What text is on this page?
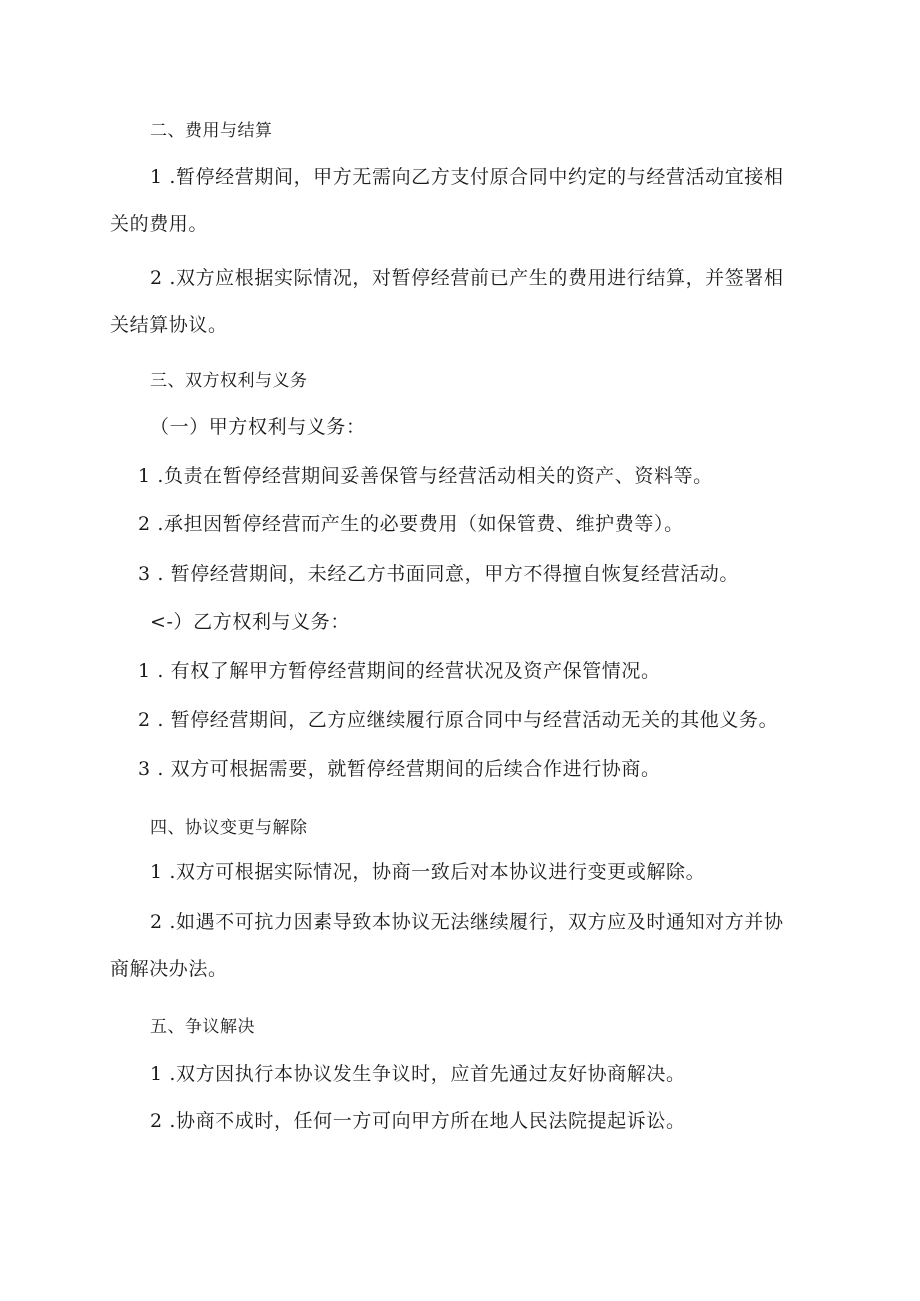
二、费用与结算

1 .暂停经营期间，甲方无需向乙方支付原合同中约定的与经营活动宜接相

关的费用。

2 .双方应根据实际情况，对暂停经营前已产生的费用进行结算，并签署相

关结算协议。

三、双方权利与义务

（一）甲方权利与义务：

1 .负责在暂停经营期间妥善保管与经营活动相关的资产、资料等。

2 .承担因暂停经营而产生的必要费用（如保管费、维护费等）。

3 . 暂停经营期间，未经乙方书面同意，甲方不得擅自恢复经营活动。

<-）乙方权利与义务：

1 . 有权了解甲方暂停经营期间的经营状况及资产保管情况。

2 . 暂停经营期间，乙方应继续履行原合同中与经营活动无关的其他义务。

3 . 双方可根据需要，就暂停经营期间的后续合作进行协商。

四、协议变更与解除

1 .双方可根据实际情况，协商一致后对本协议进行变更或解除。

2 .如遇不可抗力因素导致本协议无法继续履行，双方应及时通知对方并协

商解决办法。

五、争议解决

1 .双方因执行本协议发生争议时，应首先通过友好协商解决。

2 .协商不成时，任何一方可向甲方所在地人民法院提起诉讼。
